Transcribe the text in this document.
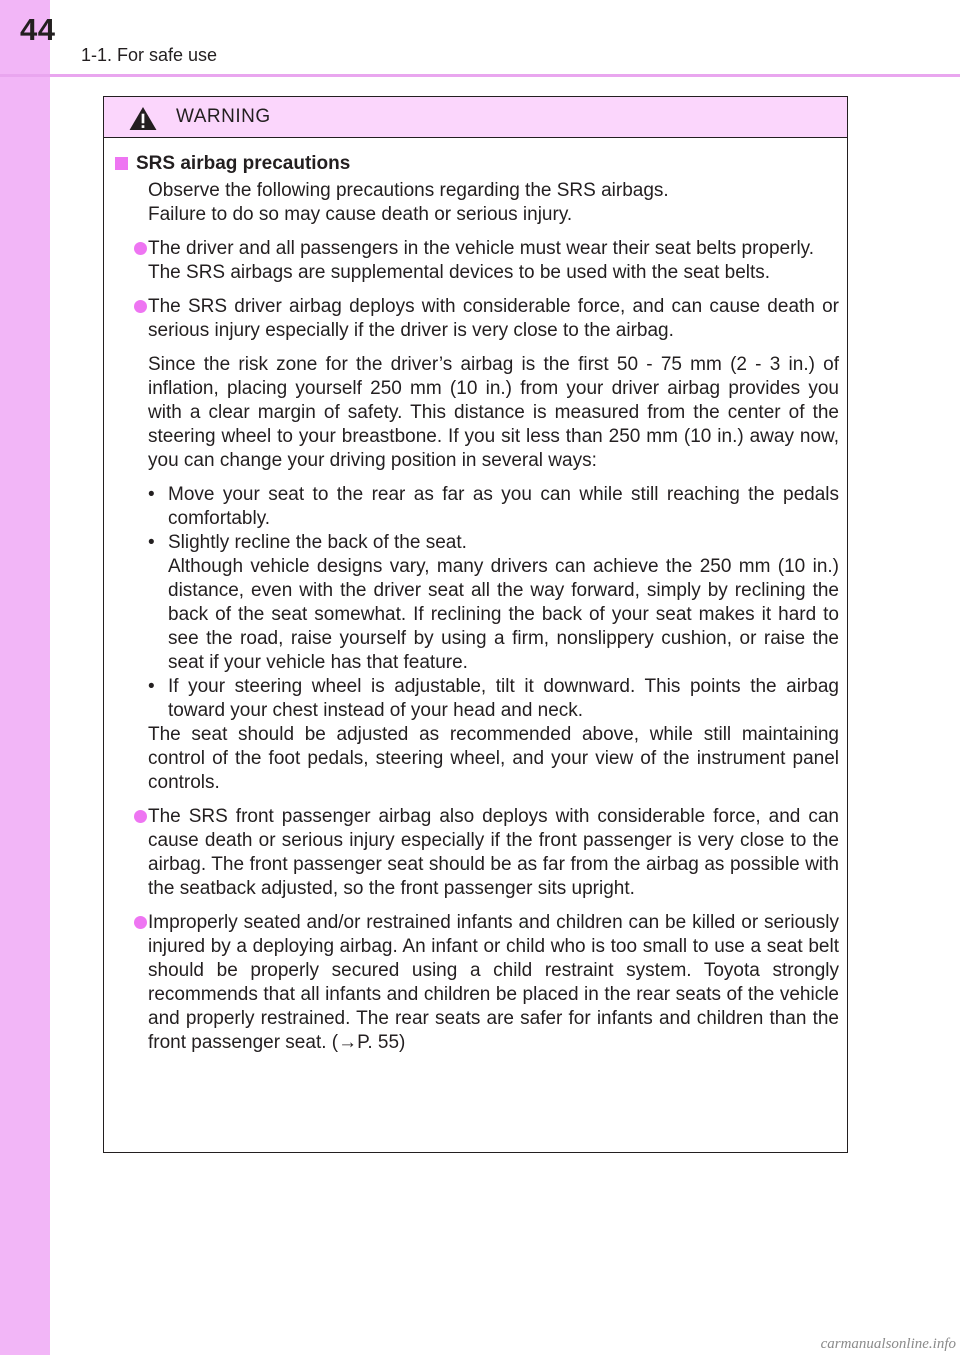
44
1-1. For safe use
WARNING
SRS airbag precautions
Observe the following precautions regarding the SRS airbags.
Failure to do so may cause death or serious injury.
The driver and all passengers in the vehicle must wear their seat belts properly.
The SRS airbags are supplemental devices to be used with the seat belts.
The SRS driver airbag deploys with considerable force, and can cause death or serious injury especially if the driver is very close to the airbag.
Since the risk zone for the driver’s airbag is the first 50 - 75 mm (2 - 3 in.) of inflation, placing yourself 250 mm (10 in.) from your driver airbag provides you with a clear margin of safety. This distance is measured from the center of the steering wheel to your breastbone. If you sit less than 250 mm (10 in.) away now, you can change your driving position in several ways:
• Move your seat to the rear as far as you can while still reaching the pedals comfortably.
• Slightly recline the back of the seat.
Although vehicle designs vary, many drivers can achieve the 250 mm (10 in.) distance, even with the driver seat all the way forward, simply by reclining the back of the seat somewhat. If reclining the back of your seat makes it hard to see the road, raise yourself by using a firm, nonslippery cushion, or raise the seat if your vehicle has that feature.
• If your steering wheel is adjustable, tilt it downward. This points the airbag toward your chest instead of your head and neck.
The seat should be adjusted as recommended above, while still maintaining control of the foot pedals, steering wheel, and your view of the instrument panel controls.
The SRS front passenger airbag also deploys with considerable force, and can cause death or serious injury especially if the front passenger is very close to the airbag. The front passenger seat should be as far from the airbag as possible with the seatback adjusted, so the front passenger sits upright.
Improperly seated and/or restrained infants and children can be killed or seriously injured by a deploying airbag. An infant or child who is too small to use a seat belt should be properly secured using a child restraint system. Toyota strongly recommends that all infants and children be placed in the rear seats of the vehicle and properly restrained. The rear seats are safer for infants and children than the front passenger seat. (→P. 55)
carmanualsonline.info
